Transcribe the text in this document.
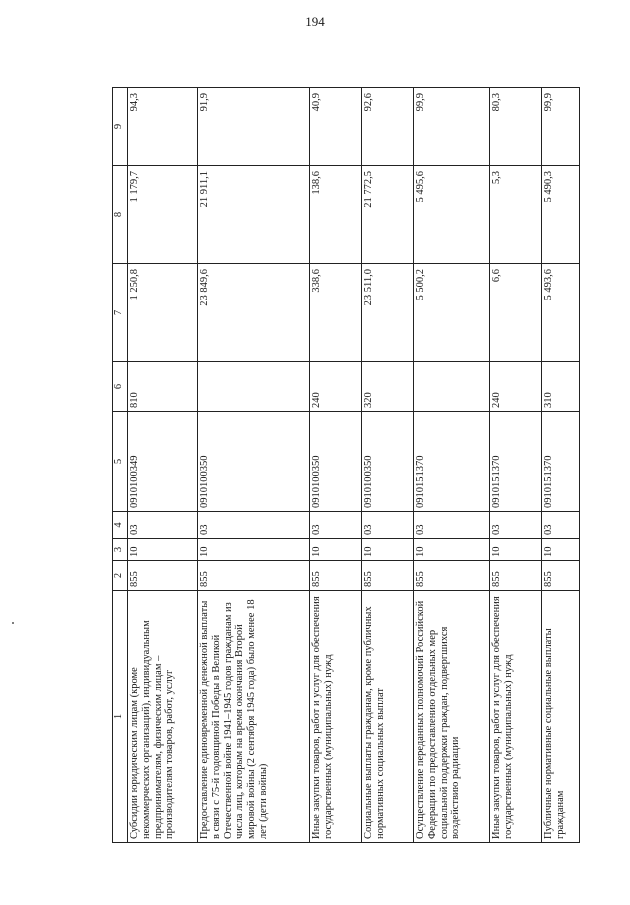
194
1	2	3	4	5	6	7	8	9
Субсидии юридическим лицам (кроме некоммерческих организаций), индивидуальным предпринимателям, физическим лицам – производителям товаров, работ, услуг	855	10	03	0910100349	810	1 250,8	1 179,7	94,3
Предоставление единовременной денежной выплаты в связи с 75-й годовщиной Победы в Великой Отечественной войне 1941–1945 годов гражданам из числа лиц, которым на время окончания Второй мировой войны (2 сентября 1945 года) было менее 18 лет (дети войны)	855	10	03	0910100350		23 849,6	21 911,1	91,9
Иные закупки товаров, работ и услуг для обеспечения государственных (муниципальных) нужд	855	10	03	0910100350	240	338,6	138,6	40,9
Социальные выплаты гражданам, кроме публичных нормативных социальных выплат	855	10	03	0910100350	320	23 511,0	21 772,5	92,6
Осуществление переданных полномочий Российской Федерации по предоставлению отдельных мер социальной поддержки граждан, подвергшихся воздействию радиации	855	10	03	0910151370		5 500,2	5 495,6	99,9
Иные закупки товаров, работ и услуг для обеспечения государственных (муниципальных) нужд	855	10	03	0910151370	240	6,6	5,3	80,3
Публичные нормативные социальные выплаты гражданам	855	10	03	0910151370	310	5 493,6	5 490,3	99,9
